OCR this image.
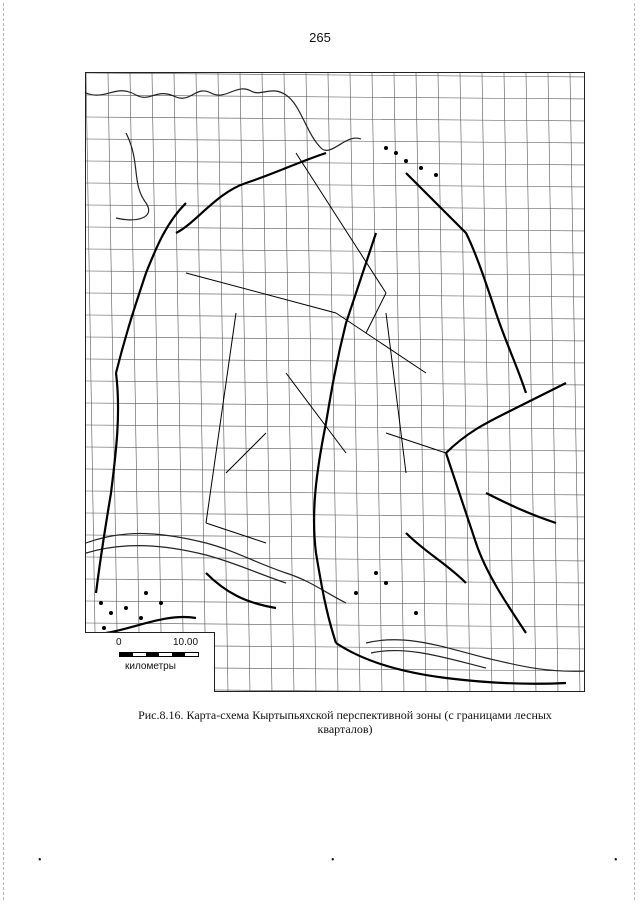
265
0	10.00
километры
Рис.8.16. Карта-схема Кыртыпьяхской перспективной зоны (с границами лесных
кварталов)
•	•	•
